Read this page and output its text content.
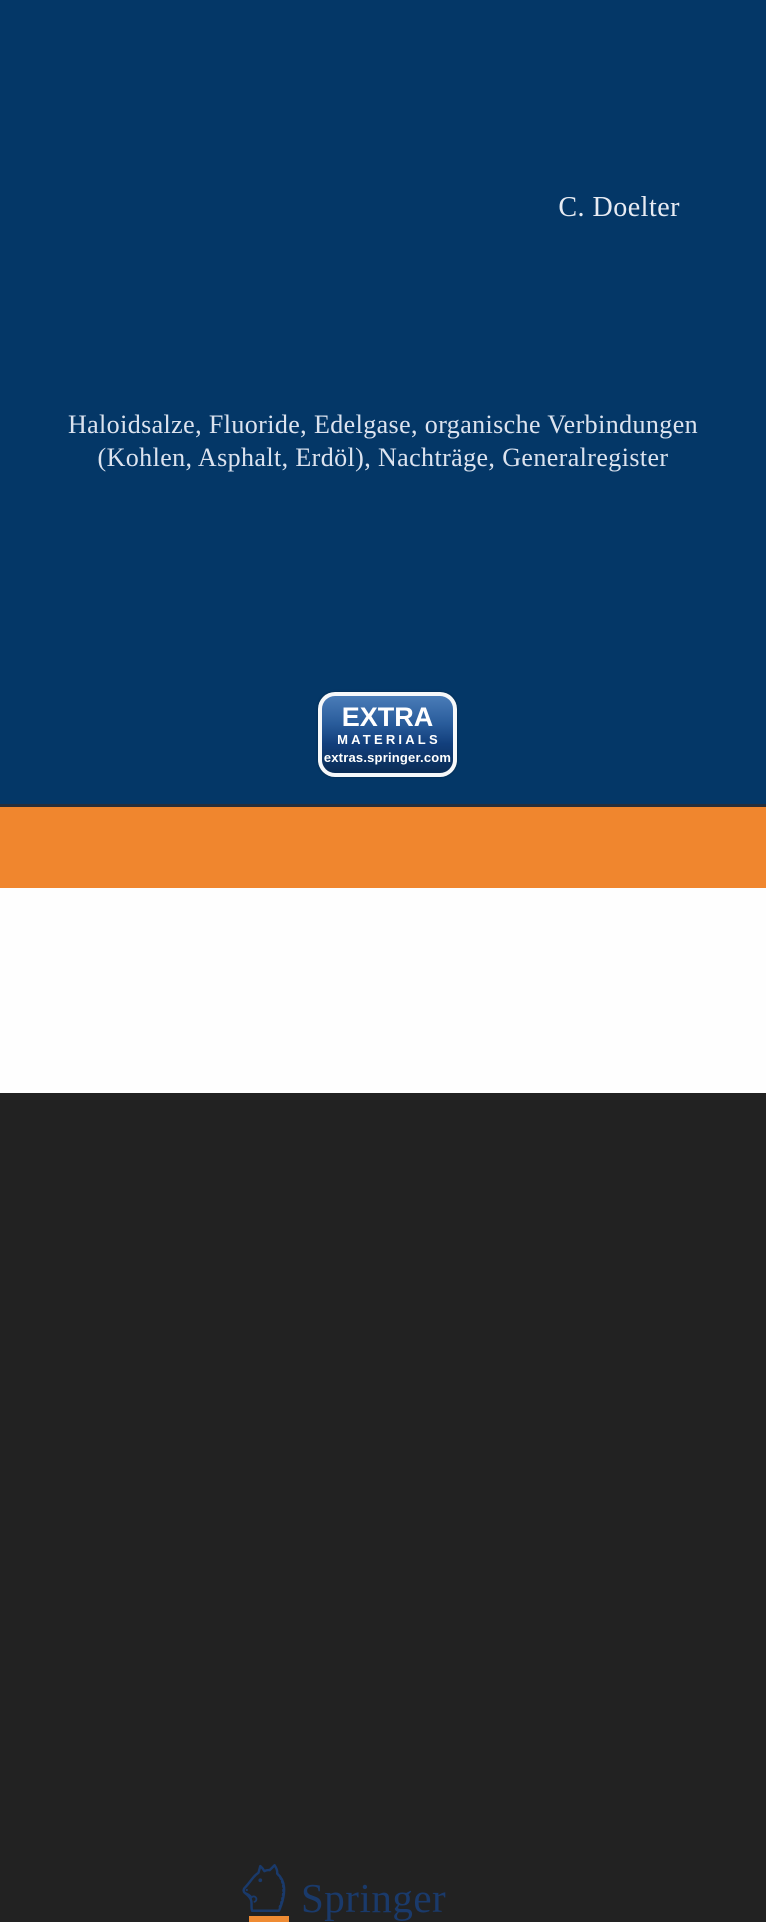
C. Doelter
Haloidsalze, Fluoride, Edelgase, organische Verbindungen
(Kohlen, Asphalt, Erdöl), Nachträge, Generalregister
EXTRA
MATERIALS
extras.springer.com
Springer
